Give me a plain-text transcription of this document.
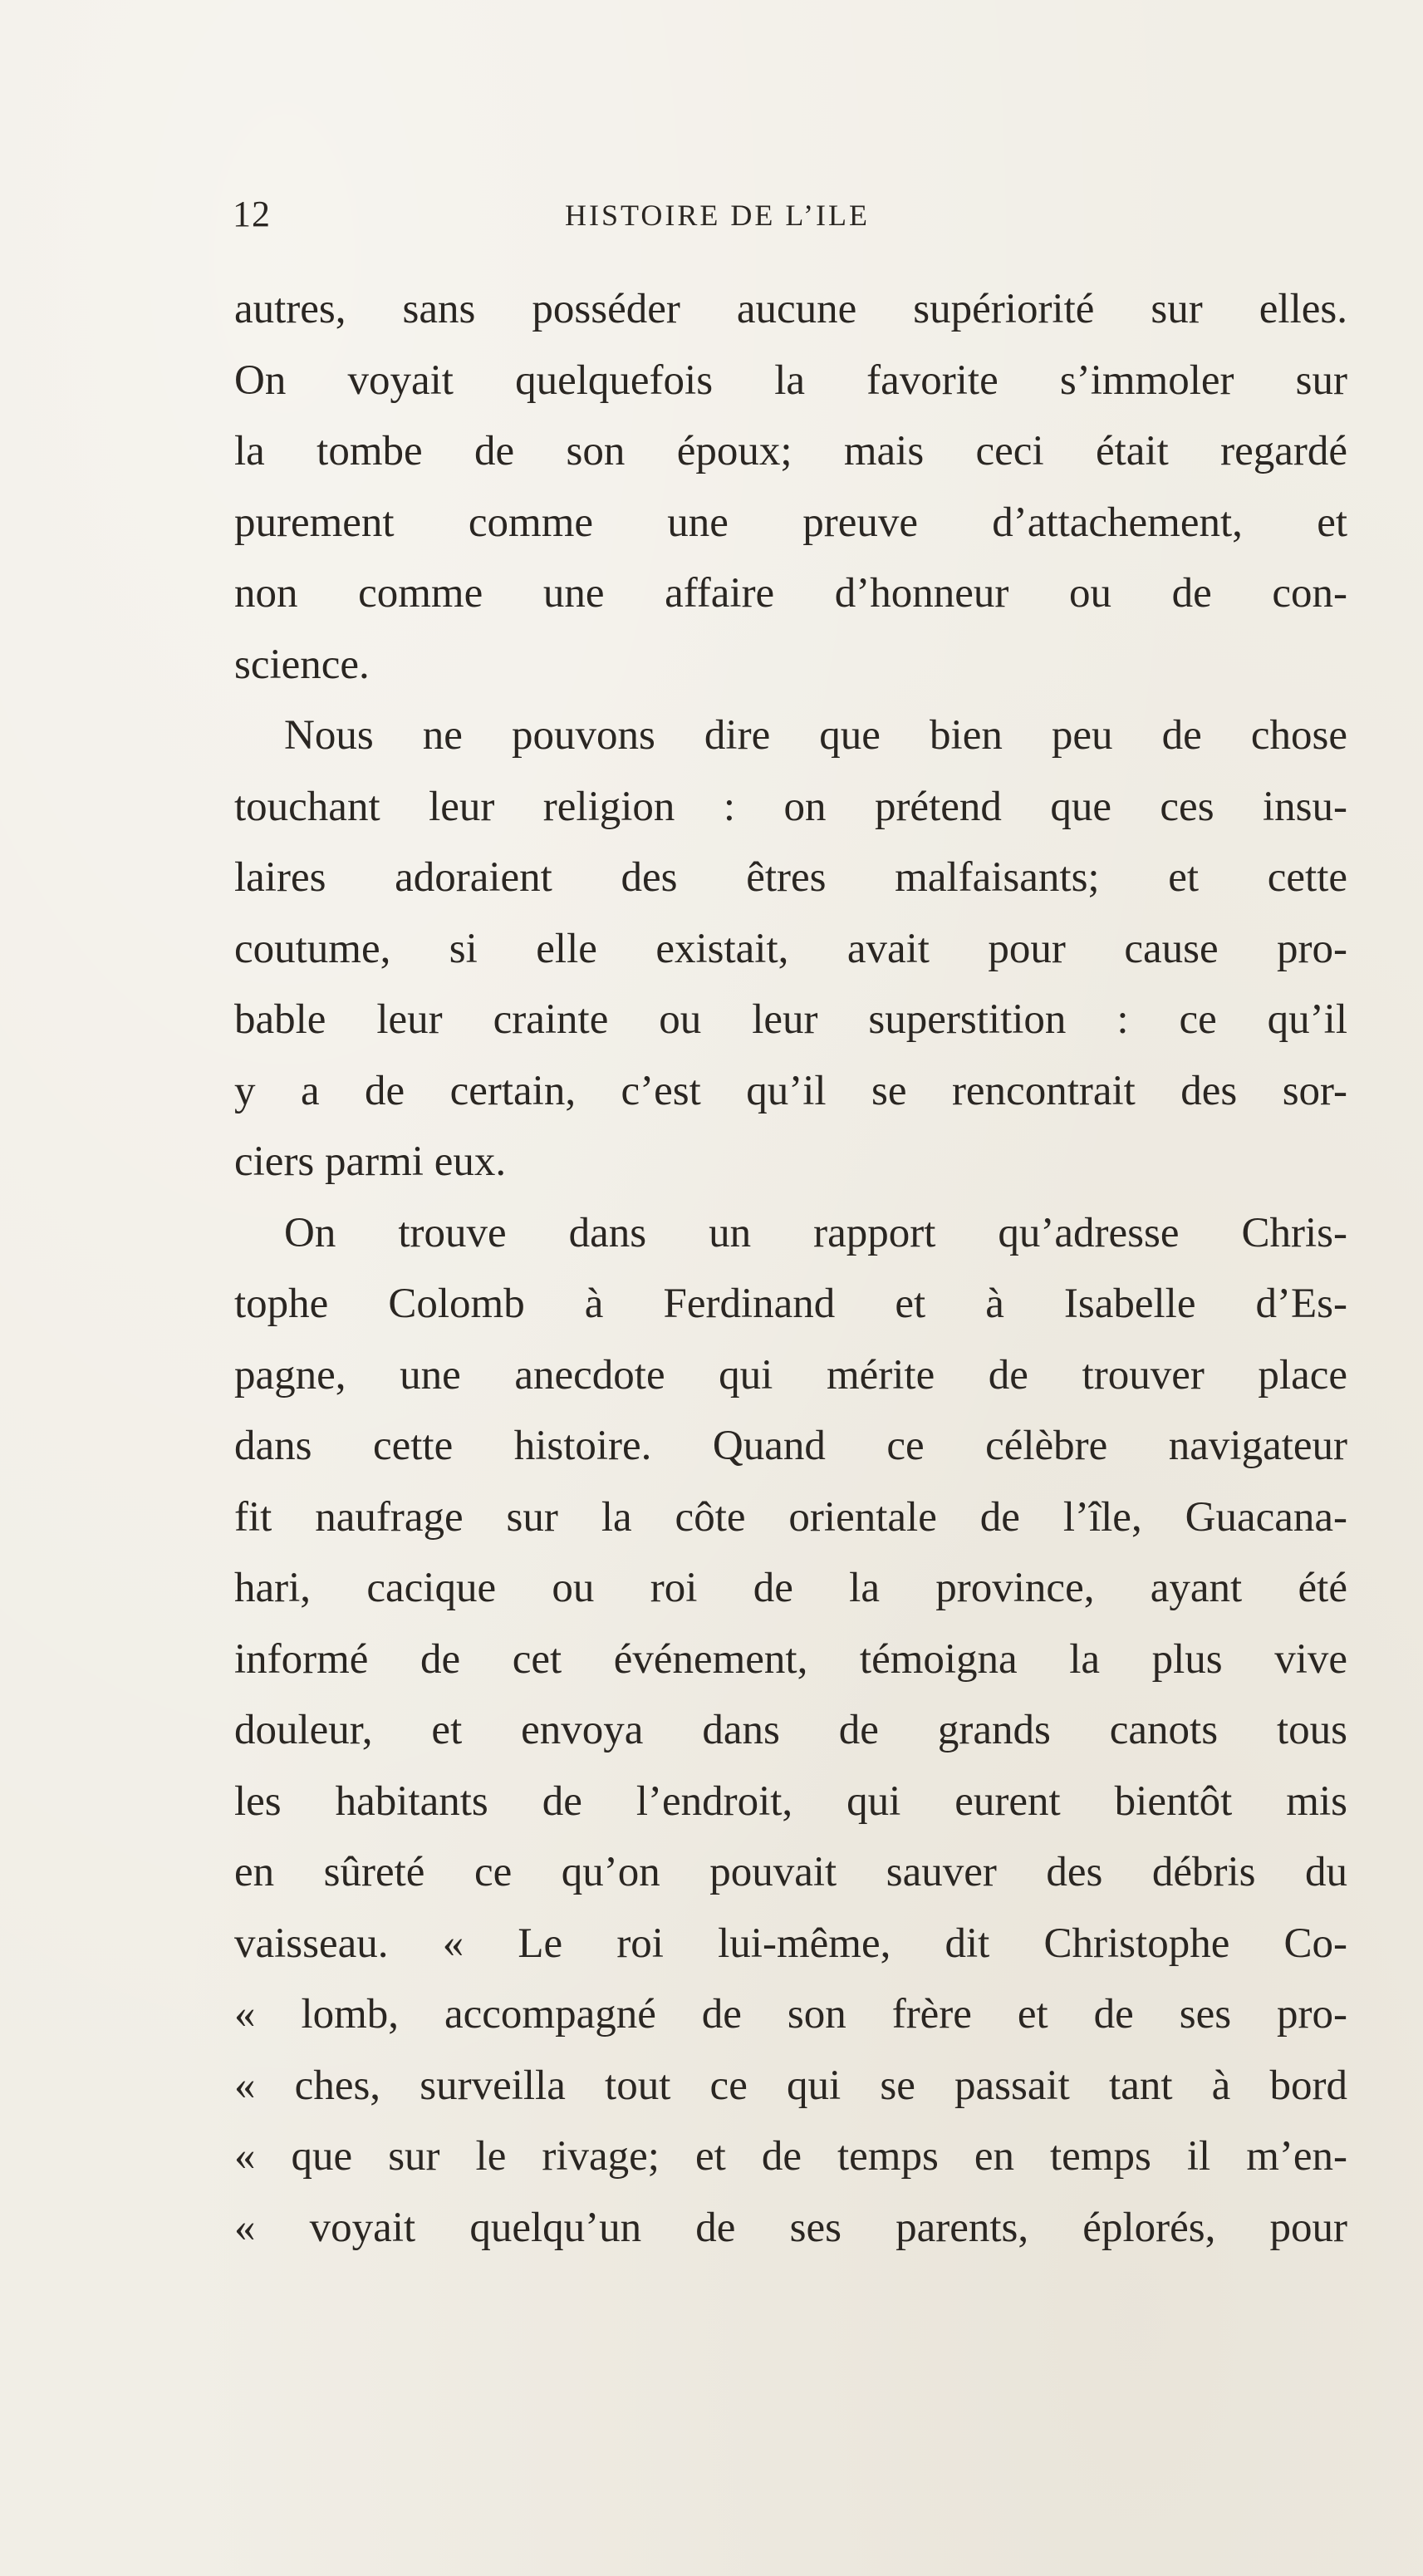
12	HISTOIRE DE L’ILE
autres, sans posséder aucune supériorité sur elles.
On voyait quelquefois la favorite s’immoler sur
la tombe de son époux; mais ceci était regardé
purement comme une preuve d’attachement, et
non comme une affaire d’honneur ou de con-
science.
Nous ne pouvons dire que bien peu de chose
touchant leur religion : on prétend que ces insu-
laires adoraient des êtres malfaisants; et cette
coutume, si elle existait, avait pour cause pro-
bable leur crainte ou leur superstition : ce qu’il
y a de certain, c’est qu’il se rencontrait des sor-
ciers parmi eux.
On trouve dans un rapport qu’adresse Chris-
tophe Colomb à Ferdinand et à Isabelle d’Es-
pagne, une anecdote qui mérite de trouver place
dans cette histoire. Quand ce célèbre navigateur
fit naufrage sur la côte orientale de l’île, Guacana-
hari, cacique ou roi de la province, ayant été
informé de cet événement, témoigna la plus vive
douleur, et envoya dans de grands canots tous
les habitants de l’endroit, qui eurent bientôt mis
en sûreté ce qu’on pouvait sauver des débris du
vaisseau. « Le roi lui-même, dit Christophe Co-
« lomb, accompagné de son frère et de ses pro-
« ches, surveilla tout ce qui se passait tant à bord
« que sur le rivage; et de temps en temps il m’en-
« voyait quelqu’un de ses parents, éplorés, pour
